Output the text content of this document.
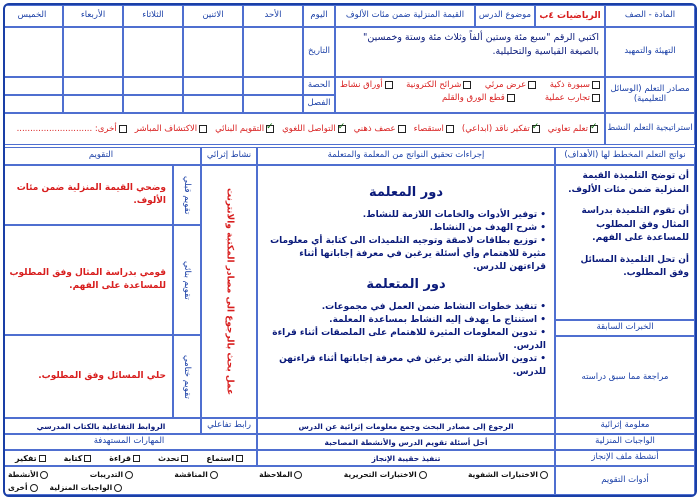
المادة - الصف
الرياضيات ٤ب
موضوع الدرس
القيمة المنزلية ضمن مئات الألوف
اليوم
الأحد
الاثنين
الثلاثاء
الأربعاء
الخميس
التهيئة والتمهيد
اكتبي الرقم "سبع مئة وستين ألفاً وثلاث مئة وستة وخمسين" بالصيغة القياسية والتحليلية.
التاريخ
مصادر التعلم (الوسائل التعليمية)
سبورة ذكية
عرض مرئي
شرائح الكترونية
أوراق نشاط
تجارب عملية
قطع الورق والقلم
الحصة
الفصل
استراتيجية التعلم النشط
✓تعلم تعاوني
✓تفكير ناقد (ابداعي)
استقصاء
عصف ذهني
✓التواصل اللغوي
✓التقويم البنائي
الاكتشاف المباشر
أخرى: ............................
نواتج التعلم المخطط لها (الأهداف)
إجراءات تحقيق النواتج من المعلمة والمتعلمة
نشاط إثرائي
التقويم

أن توضح التلميذة القيمة المنزلية ضمن مئات الألوف.

أن تقوم التلميذة بدراسة المثال وفق المطلوب للمساعدة على الفهم.

أن تحل التلميذة المسائل وفق المطلوب.

الخبرات السابقة
مراجعة مما سبق دراسته
دور المعلمة
• توفير الأدوات والخامات اللازمة للنشاط.
• شرح الهدف من النشاط.
• توزيع بطاقات لاصقة وتوجيه التلميذات الى كتابة أي معلومات مثيرة للاهتمام وأي أسئلة يرغبن في معرفة إجاباتها أثناء قراءتهن للدرس.
دور المتعلمة
• تنفيذ خطوات النشاط ضمن العمل في مجموعات.
• استنتاج ما يهدف إليه النشاط بمساعدة المعلمة.
• تدوين المعلومات المثيرة للاهتمام على الملصقات أثناء قراءة الدرس.
• تدوين الأسئلة التي يرغبن في معرفة إجاباتها أثناء قراءتهن للدرس.
عمل بحث بالرجوع الى مصادر المكتبة والانترنت
تقويم قبلي
وضحي القيمة المنزلية ضمن مئات الألوف.
تقويم بنائي
قومي بدراسة المثال وفق المطلوب للمساعدة على الفهم.
تقويم ختامي
حلي المسائل وفق المطلوب.
معلومة إثرائية
الرجوع إلى مصادر البحث وجمع معلومات إثرائية عن الدرس
رابط تفاعلي
الروابط التفاعلية بالكتاب المدرسي
الواجبات المنزلية
أحل أسئلة تقويم الدرس والأنشطة المصاحبة
المهارات المستهدفة
أنشطة ملف الإنجاز
تنفيذ حقيبة الإنجاز
استماع
تحدث
قراءة
كتابة
تفكير
أدوات التقويم
الاختبارات الشفوية
الاختبارات التحريرية
الملاحظة
المناقشة
التدريبات
الأنشطة
الواجبات المنزلية
أخرى
